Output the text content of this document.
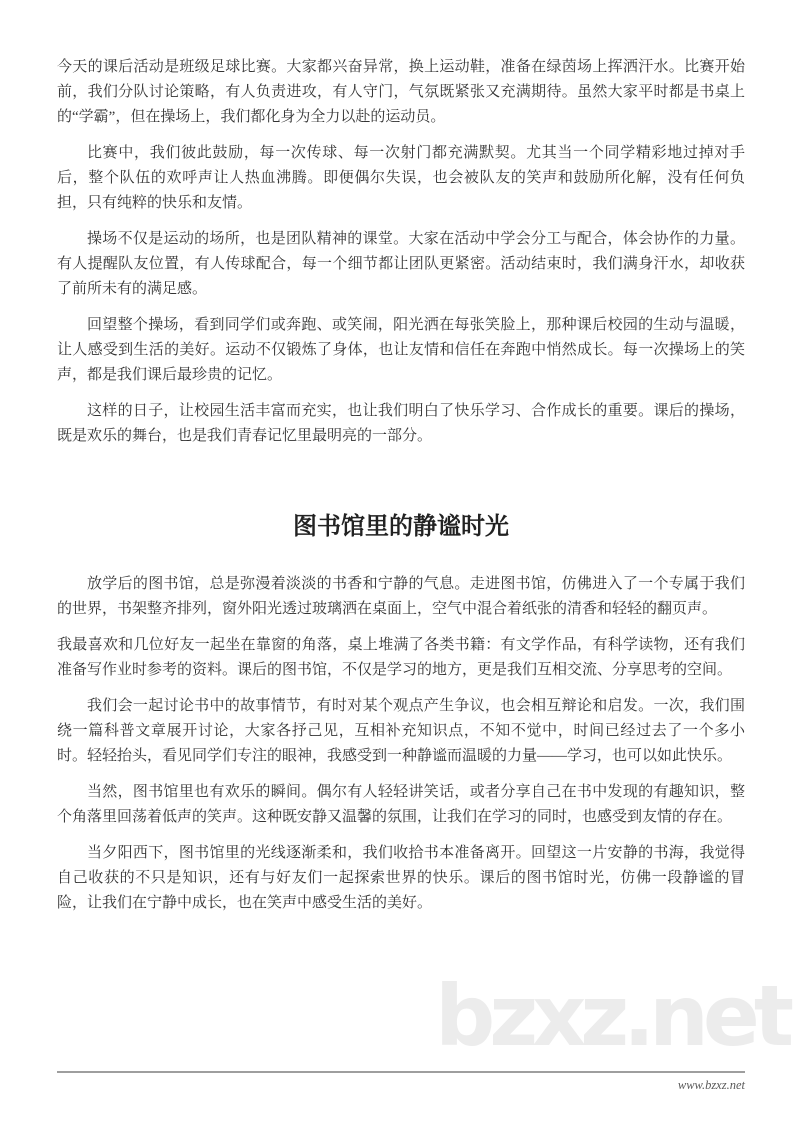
bzxz.net

今天的课后活动是班级足球比赛。大家都兴奋异常，换上运动鞋，准备在绿茵场上挥洒汗水。比赛开始前，我们分队讨论策略，有人负责进攻，有人守门，气氛既紧张又充满期待。虽然大家平时都是书桌上的“学霸”，但在操场上，我们都化身为全力以赴的运动员。

比赛中，我们彼此鼓励，每一次传球、每一次射门都充满默契。尤其当一个同学精彩地过掉对手后，整个队伍的欢呼声让人热血沸腾。即便偶尔失误，也会被队友的笑声和鼓励所化解，没有任何负担，只有纯粹的快乐和友情。

操场不仅是运动的场所，也是团队精神的课堂。大家在活动中学会分工与配合，体会协作的力量。有人提醒队友位置，有人传球配合，每一个细节都让团队更紧密。活动结束时，我们满身汗水，却收获了前所未有的满足感。

回望整个操场，看到同学们或奔跑、或笑闹，阳光洒在每张笑脸上，那种课后校园的生动与温暖，让人感受到生活的美好。运动不仅锻炼了身体，也让友情和信任在奔跑中悄然成长。每一次操场上的笑声，都是我们课后最珍贵的记忆。

这样的日子，让校园生活丰富而充实，也让我们明白了快乐学习、合作成长的重要。课后的操场，既是欢乐的舞台，也是我们青春记忆里最明亮的一部分。

图书馆里的静谧时光

放学后的图书馆，总是弥漫着淡淡的书香和宁静的气息。走进图书馆，仿佛进入了一个专属于我们的世界，书架整齐排列，窗外阳光透过玻璃洒在桌面上，空气中混合着纸张的清香和轻轻的翻页声。

我最喜欢和几位好友一起坐在靠窗的角落，桌上堆满了各类书籍：有文学作品，有科学读物，还有我们准备写作业时参考的资料。课后的图书馆，不仅是学习的地方，更是我们互相交流、分享思考的空间。

我们会一起讨论书中的故事情节，有时对某个观点产生争议，也会相互辩论和启发。一次，我们围绕一篇科普文章展开讨论，大家各抒己见，互相补充知识点，不知不觉中，时间已经过去了一个多小时。轻轻抬头，看见同学们专注的眼神，我感受到一种静谧而温暖的力量——学习，也可以如此快乐。

当然，图书馆里也有欢乐的瞬间。偶尔有人轻轻讲笑话，或者分享自己在书中发现的有趣知识，整个角落里回荡着低声的笑声。这种既安静又温馨的氛围，让我们在学习的同时，也感受到友情的存在。

当夕阳西下，图书馆里的光线逐渐柔和，我们收拾书本准备离开。回望这一片安静的书海，我觉得自己收获的不只是知识，还有与好友们一起探索世界的快乐。课后的图书馆时光，仿佛一段静谧的冒险，让我们在宁静中成长，也在笑声中感受生活的美好。

www.bzxz.net
